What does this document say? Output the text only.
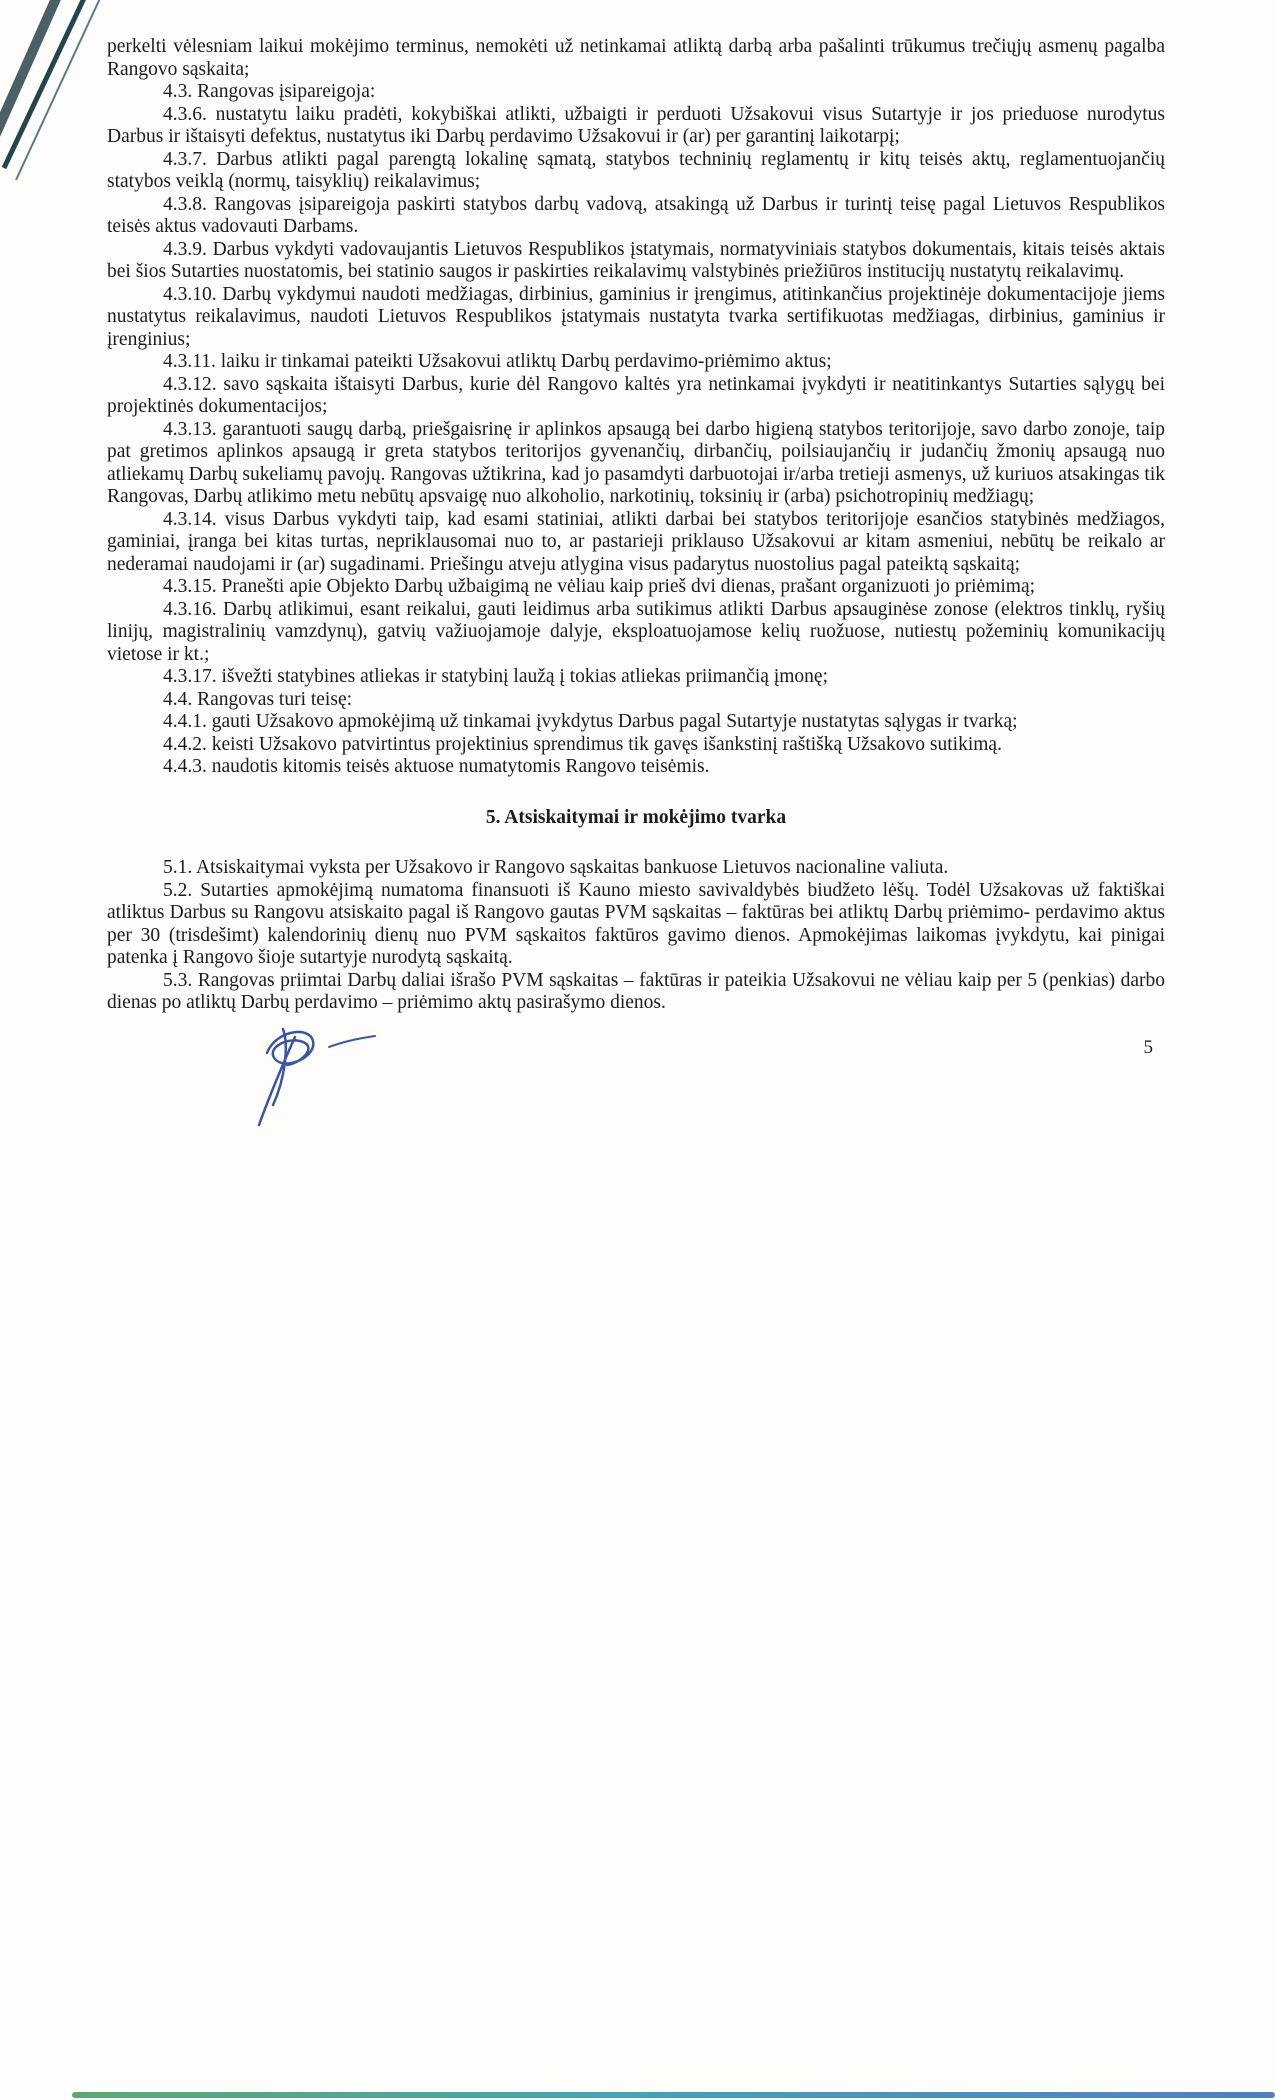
perkelti vėlesniam laikui mokėjimo terminus, nemokėti už netinkamai atliktą darbą arba pašalinti trūkumus trečiųjų asmenų pagalba Rangovo sąskaita;

4.3. Rangovas įsipareigoja:

4.3.6. nustatytu laiku pradėti, kokybiškai atlikti, užbaigti ir perduoti Užsakovui visus Sutartyje ir jos prieduose nurodytus Darbus ir ištaisyti defektus, nustatytus iki Darbų perdavimo Užsakovui ir (ar) per garantinį laikotarpį;

4.3.7. Darbus atlikti pagal parengtą lokalinę sąmatą, statybos techninių reglamentų ir kitų teisės aktų, reglamentuojančių statybos veiklą (normų, taisyklių) reikalavimus;

4.3.8. Rangovas įsipareigoja paskirti statybos darbų vadovą, atsakingą už Darbus ir turintį teisę pagal Lietuvos Respublikos teisės aktus vadovauti Darbams.

4.3.9. Darbus vykdyti vadovaujantis Lietuvos Respublikos įstatymais, normatyviniais statybos dokumentais, kitais teisės aktais bei šios Sutarties nuostatomis, bei statinio saugos ir paskirties reikalavimų valstybinės priežiūros institucijų nustatytų reikalavimų.

4.3.10. Darbų vykdymui naudoti medžiagas, dirbinius, gaminius ir įrengimus, atitinkančius projektinėje dokumentacijoje jiems nustatytus reikalavimus, naudoti Lietuvos Respublikos įstatymais nustatyta tvarka sertifikuotas medžiagas, dirbinius, gaminius ir įrenginius;

4.3.11. laiku ir tinkamai pateikti Užsakovui atliktų Darbų perdavimo-priėmimo aktus;

4.3.12. savo sąskaita ištaisyti Darbus, kurie dėl Rangovo kaltės yra netinkamai įvykdyti ir neatitinkantys Sutarties sąlygų bei projektinės dokumentacijos;

4.3.13. garantuoti saugų darbą, priešgaisrinę ir aplinkos apsaugą bei darbo higieną statybos teritorijoje, savo darbo zonoje, taip pat gretimos aplinkos apsaugą ir greta statybos teritorijos gyvenančių, dirbančių, poilsiaujančių ir judančių žmonių apsaugą nuo atliekamų Darbų sukeliamų pavojų. Rangovas užtikrina, kad jo pasamdyti darbuotojai ir/arba tretieji asmenys, už kuriuos atsakingas tik Rangovas, Darbų atlikimo metu nebūtų apsvaigę nuo alkoholio, narkotinių, toksinių ir (arba) psichotropinių medžiagų;

4.3.14. visus Darbus vykdyti taip, kad esami statiniai, atlikti darbai bei statybos teritorijoje esančios statybinės medžiagos, gaminiai, įranga bei kitas turtas, nepriklausomai nuo to, ar pastarieji priklauso Užsakovui ar kitam asmeniui, nebūtų be reikalo ar nederamai naudojami ir (ar) sugadinami. Priešingu atveju atlygina visus padarytus nuostolius pagal pateiktą sąskaitą;

4.3.15. Pranešti apie Objekto Darbų užbaigimą ne vėliau kaip prieš dvi dienas, prašant organizuoti jo priėmimą;

4.3.16. Darbų atlikimui, esant reikalui, gauti leidimus arba sutikimus atlikti Darbus apsauginėse zonose (elektros tinklų, ryšių linijų, magistralinių vamzdynų), gatvių važiuojamoje dalyje, eksploatuojamose kelių ruožuose, nutiestų požeminių komunikacijų vietose ir kt.;

4.3.17. išvežti statybines atliekas ir statybinį laužą į tokias atliekas priimančią įmonę;

4.4. Rangovas turi teisę:

4.4.1. gauti Užsakovo apmokėjimą už tinkamai įvykdytus Darbus pagal Sutartyje nustatytas sąlygas ir tvarką;

4.4.2. keisti Užsakovo patvirtintus projektinius sprendimus tik gavęs išankstinį raštišką Užsakovo sutikimą.

4.4.3. naudotis kitomis teisės aktuose numatytomis Rangovo teisėmis.

5. Atsiskaitymai ir mokėjimo tvarka

5.1. Atsiskaitymai vyksta per Užsakovo ir Rangovo sąskaitas bankuose Lietuvos nacionaline valiuta.

5.2. Sutarties apmokėjimą numatoma finansuoti iš Kauno miesto savivaldybės biudžeto lėšų. Todėl Užsakovas už faktiškai atliktus Darbus su Rangovu atsiskaito pagal iš Rangovo gautas PVM sąskaitas – faktūras bei atliktų Darbų priėmimo- perdavimo aktus per 30 (trisdešimt) kalendorinių dienų nuo PVM sąskaitos faktūros gavimo dienos. Apmokėjimas laikomas įvykdytu, kai pinigai patenka į Rangovo šioje sutartyje nurodytą sąskaitą.

5.3. Rangovas priimtai Darbų daliai išrašo PVM sąskaitas – faktūras ir pateikia Užsakovui ne vėliau kaip per 5 (penkias) darbo dienas po atliktų Darbų perdavimo – priėmimo aktų pasirašymo dienos.

5
